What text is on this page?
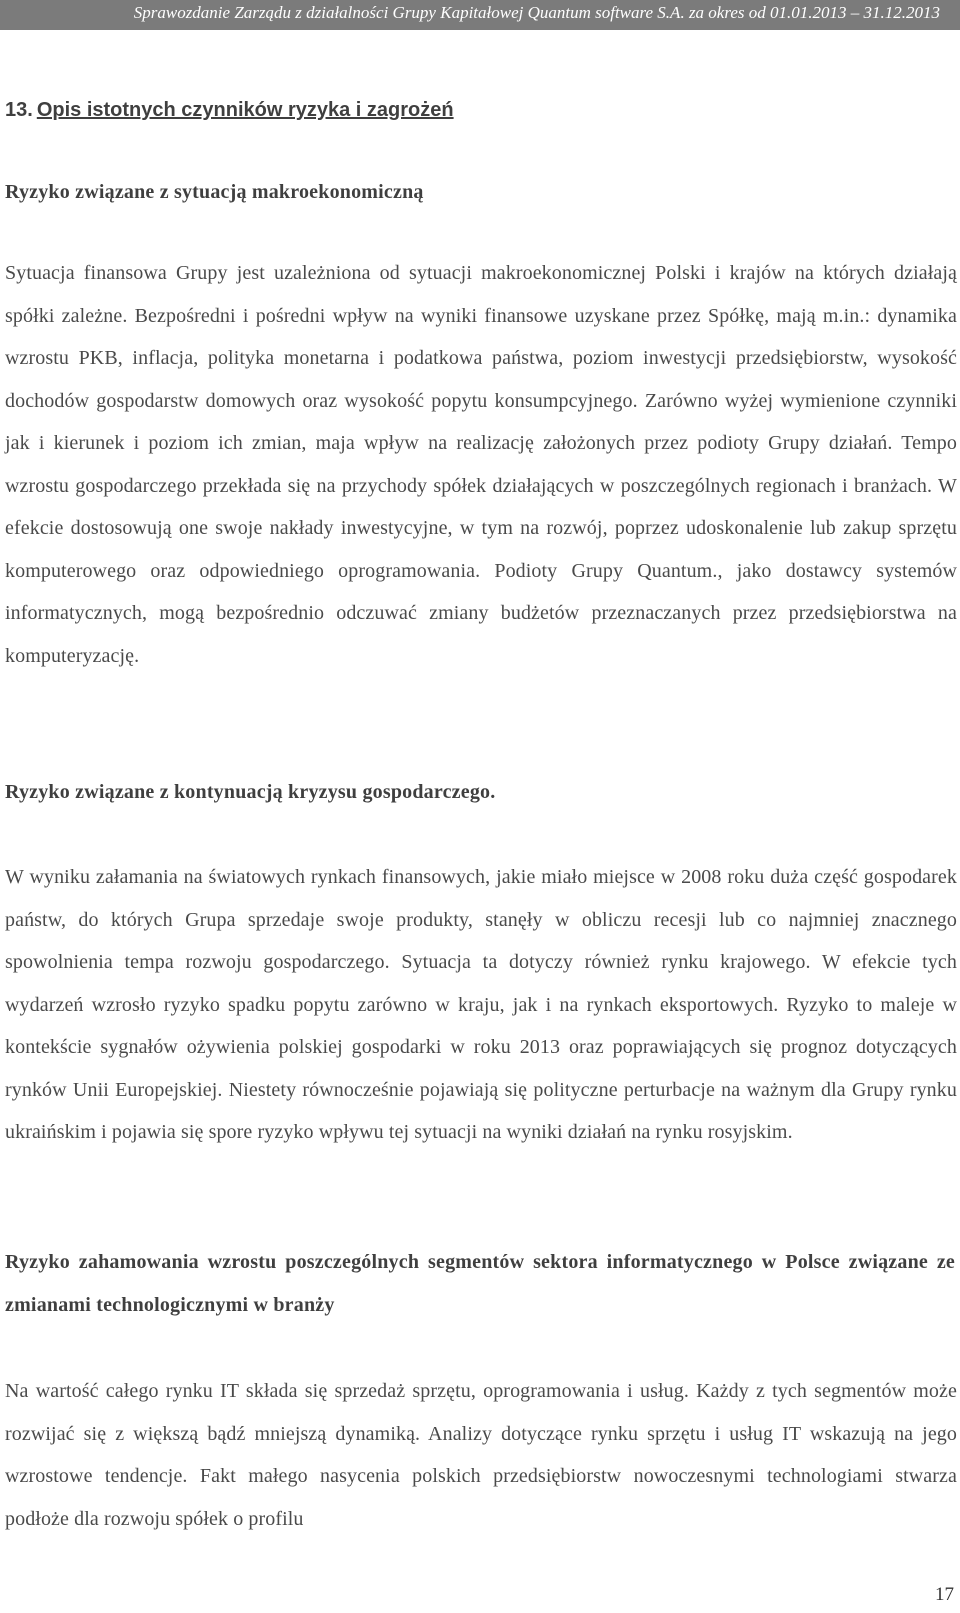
Sprawozdanie Zarządu z działalności Grupy Kapitałowej Quantum software S.A. za okres od 01.01.2013 – 31.12.2013
13. Opis istotnych czynników ryzyka i zagrożeń
Ryzyko związane z sytuacją makroekonomiczną

Sytuacja finansowa Grupy jest uzależniona od sytuacji makroekonomicznej Polski i krajów na których działają spółki zależne. Bezpośredni i pośredni wpływ na wyniki finansowe uzyskane przez Spółkę, mają m.in.: dynamika wzrostu PKB, inflacja, polityka monetarna i podatkowa państwa, poziom inwestycji przedsiębiorstw, wysokość dochodów gospodarstw domowych oraz wysokość popytu konsumpcyjnego. Zarówno wyżej wymienione czynniki jak i kierunek i poziom ich zmian, maja wpływ na realizację założonych przez podioty Grupy działań. Tempo wzrostu gospodarczego przekłada się na przychody spółek działających w poszczególnych regionach i branżach. W efekcie dostosowują one swoje nakłady inwestycyjne, w tym na rozwój, poprzez udoskonalenie lub zakup sprzętu komputerowego oraz odpowiedniego oprogramowania. Podioty Grupy Quantum., jako dostawcy systemów informatycznych, mogą bezpośrednio odczuwać zmiany budżetów przeznaczanych przez przedsiębiorstwa na komputeryzację.

Ryzyko związane z kontynuacją kryzysu gospodarczego.

W wyniku załamania na światowych rynkach finansowych, jakie miało miejsce w 2008 roku duża część gospodarek państw, do których Grupa sprzedaje swoje produkty, stanęły w obliczu recesji lub co najmniej znacznego spowolnienia tempa rozwoju gospodarczego. Sytuacja ta dotyczy również rynku krajowego. W efekcie tych wydarzeń wzrosło ryzyko spadku popytu zarówno w kraju, jak i na rynkach eksportowych. Ryzyko to maleje w kontekście sygnałów ożywienia polskiej gospodarki w roku 2013 oraz poprawiających się prognoz dotyczących rynków Unii Europejskiej. Niestety równocześnie pojawiają się polityczne perturbacje na ważnym dla Grupy rynku ukraińskim i pojawia się spore ryzyko wpływu tej sytuacji na wyniki działań na rynku rosyjskim.

Ryzyko zahamowania wzrostu poszczególnych segmentów sektora informatycznego w Polsce związane ze zmianami technologicznymi w branży

Na wartość całego rynku IT składa się sprzedaż sprzętu, oprogramowania i usług. Każdy z tych segmentów może rozwijać się z większą bądź mniejszą dynamiką. Analizy dotyczące rynku sprzętu i usług IT wskazują na jego wzrostowe tendencje. Fakt małego nasycenia polskich przedsiębiorstw nowoczesnymi technologiami stwarza podłoże dla rozwoju spółek o profilu

17
